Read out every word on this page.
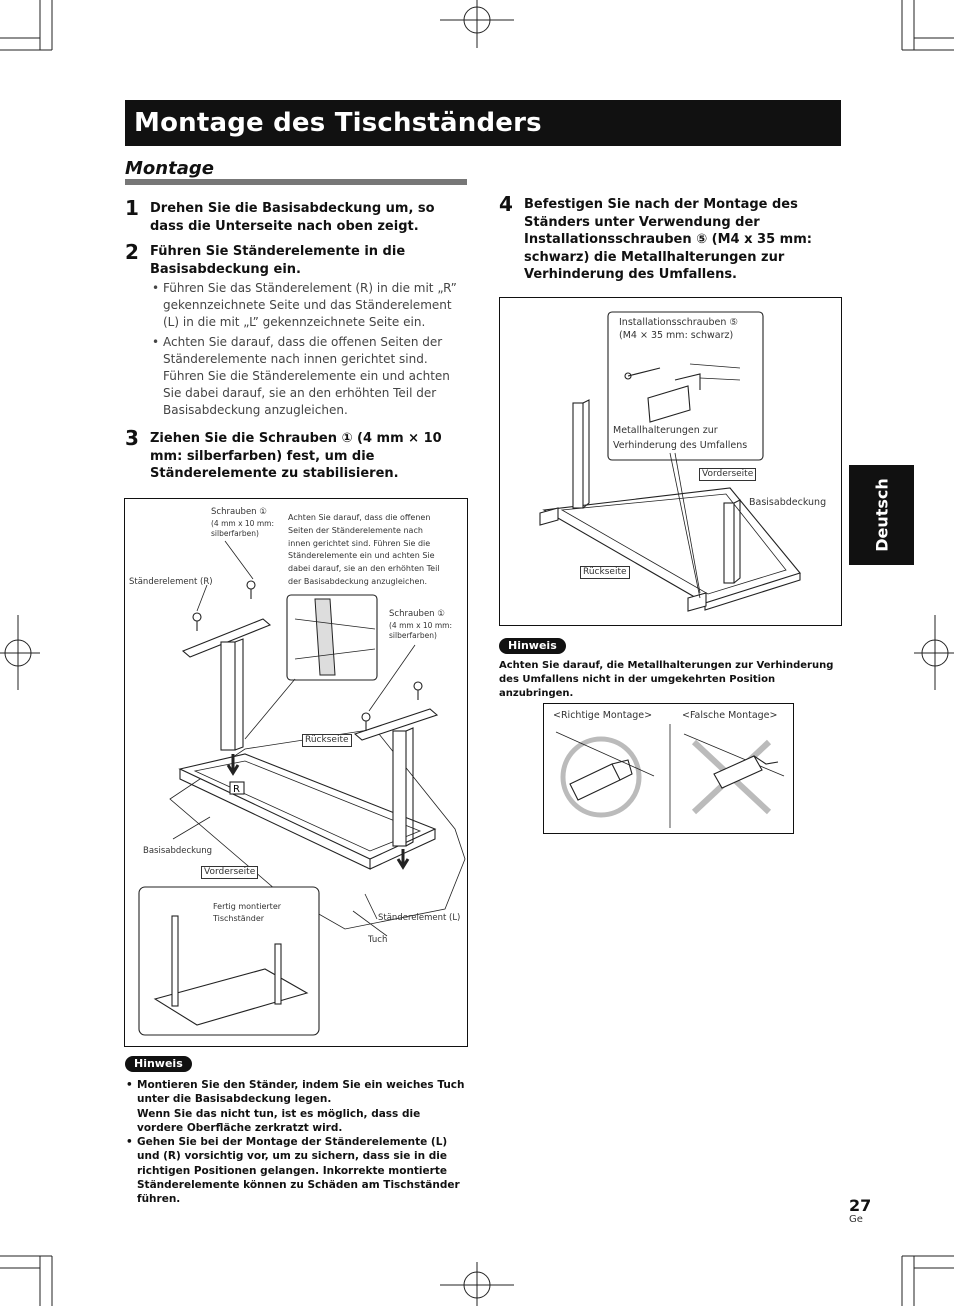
Montage des Tischständers
Montage
1 Drehen Sie die Basisabdeckung um, so dass die Unterseite nach oben zeigt.
2 Führen Sie Ständerelemente in die Basisabdeckung ein.
• Führen Sie das Ständerelement (R) in die mit „R” gekennzeichnete Seite und das Ständerelement (L) in die mit „L” gekennzeichnete Seite ein.
• Achten Sie darauf, dass die offenen Seiten der Ständerelemente nach innen gerichtet sind. Führen Sie die Ständerelemente ein und achten Sie dabei darauf, sie an den erhöhten Teil der Basisabdeckung anzugleichen.
3 Ziehen Sie die Schrauben ① (4 mm × 10 mm: silberfarben) fest, um die Ständerelemente zu stabilisieren.
R
Schrauben ①
(4 mm x 10 mm:
silberfarben)
Achten Sie darauf, dass die offenen
Seiten der Ständerelemente nach
innen gerichtet sind. Führen Sie die
Ständerelemente ein und achten Sie
dabei darauf, sie an den erhöhten Teil
der Basisabdeckung anzugleichen.
Ständerelement (R)
Schrauben ①
(4 mm x 10 mm:
silberfarben)
Rückseite
Basisabdeckung
Vorderseite
Fertig montierter
Tischständer	Ständerelement (L)
Tuch
Hinweis
• Montieren Sie den Ständer, indem Sie ein weiches Tuch unter die Basisabdeckung legen.
Wenn Sie das nicht tun, ist es möglich, dass die vordere Oberfläche zerkratzt wird.
• Gehen Sie bei der Montage der Ständerelemente (L) und (R) vorsichtig vor, um zu sichern, dass sie in die richtigen Positionen gelangen. Inkorrekte montierte Ständerelemente können zu Schäden am Tischständer führen.
4 Befestigen Sie nach der Montage des Ständers unter Verwendung der Installationsschrauben ⑤ (M4 x 35 mm: schwarz) die Metallhalterungen zur Verhinderung des Umfallens.
Installationsschrauben ⑤
(M4 × 35 mm: schwarz)
Metallhalterungen zur
Verhinderung des Umfallens
Vorderseite
Basisabdeckung
Rückseite
Hinweis
Achten Sie darauf, die Metallhalterungen zur Verhinderung des Umfallens nicht in der umgekehrten Position anzubringen.
<Richtige Montage>	<Falsche Montage>
Deutsch
27
Ge
